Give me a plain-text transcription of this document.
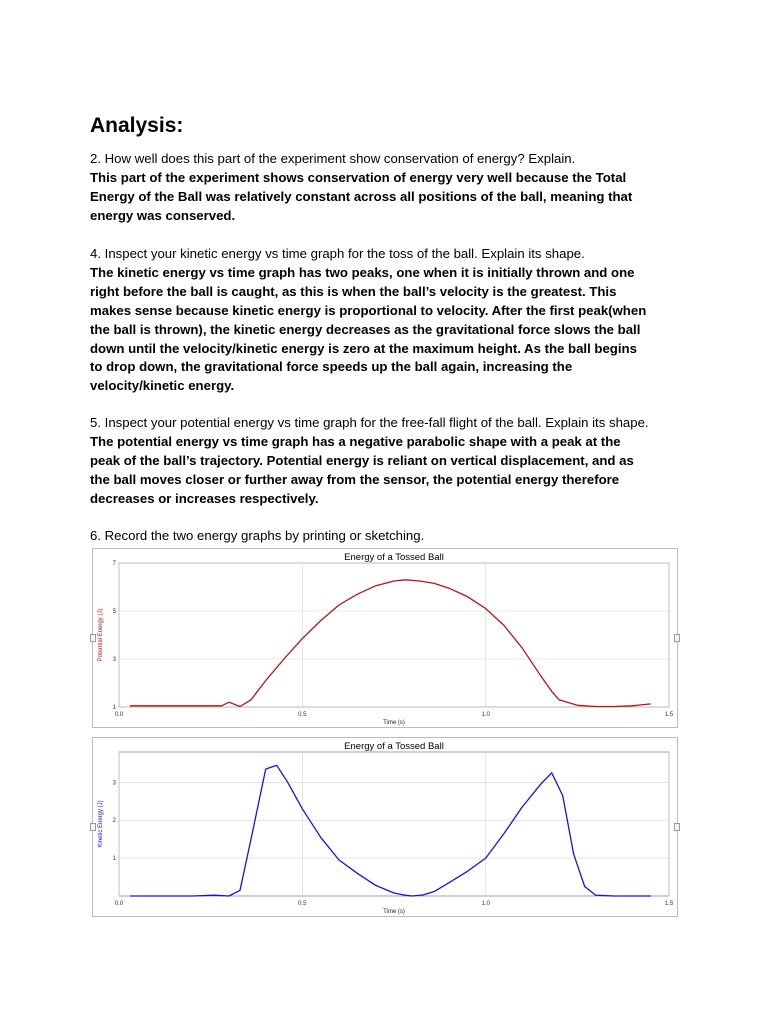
Analysis:
2. How well does this part of the experiment show conservation of energy? Explain.
This part of the experiment shows conservation of energy very well because the Total
Energy of the Ball was relatively constant across all positions of the ball, meaning that
energy was conserved.
4. Inspect your kinetic energy vs time graph for the toss of the ball. Explain its shape.
The kinetic energy vs time graph has two peaks, one when it is initially thrown and one
right before the ball is caught, as this is when the ball’s velocity is the greatest. This
makes sense because kinetic energy is proportional to velocity. After the first peak(when
the ball is thrown), the kinetic energy decreases as the gravitational force slows the ball
down until the velocity/kinetic energy is zero at the maximum height. As the ball begins
to drop down, the gravitational force speeds up the ball again, increasing the
velocity/kinetic energy.
5. Inspect your potential energy vs time graph for the free-fall flight of the ball. Explain its shape.
The potential energy vs time graph has a negative parabolic shape with a peak at the
peak of the ball’s trajectory. Potential energy is reliant on vertical displacement, and as
the ball moves closer or further away from the sensor, the potential energy therefore
decreases or increases respectively.
6. Record the two energy graphs by printing or sketching.
Energy of a Tossed Ball
0.0	0.5	1.0	1.5
1
3
5
7
Time (s)
Potential Energy (J)
Energy of a Tossed Ball
0.0	0.5	1.0	1.5
1
2
3
Time (s)
Kinetic Energy (J)
